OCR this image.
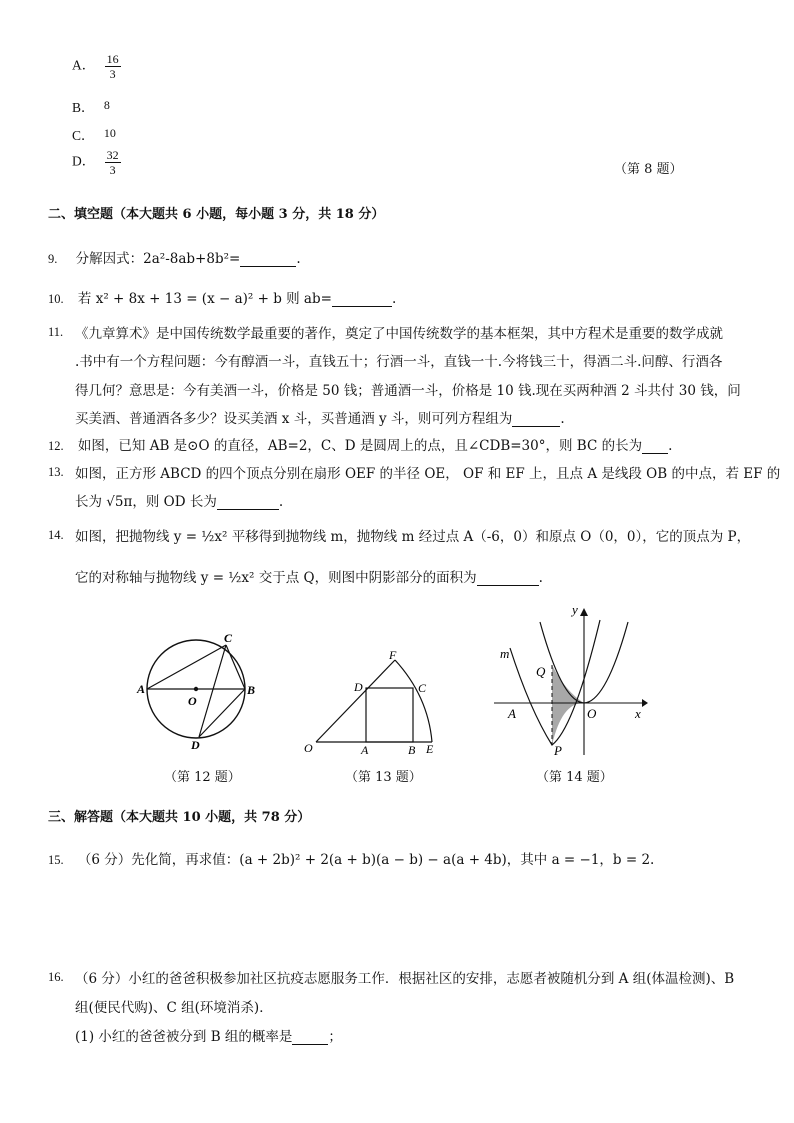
A． $\frac{16}{3}$
B． 8
C． 10
D． $\frac{32}{3}$	（第 8 题）
二、填空题（本大题共 6 小题，每小题 3 分，共 18 分）
9. 分解因式：2a²-8ab+8b²=	.
10. 若 x² + 8x + 13 = (x − a)² + b 则 ab=	.
11. 《九章算术》是中国传统数学最重要的著作，奠定了中国传统数学的基本框架，其中方程术是重要的数学成就
.书中有一个方程问题：今有醇酒一斗，直钱五十；行酒一斗，直钱一十.今将钱三十，得酒二斗.问醇、行酒各
得几何？意思是：今有美酒一斗，价格是 50 钱；普通酒一斗，价格是 10 钱.现在买两种酒 2 斗共付 30 钱，问
买美酒、普通酒各多少？设买美酒 x 斗，买普通酒 y 斗，则可列方程组为	.
12. 如图，已知 AB 是⊙O 的直径，AB=2，C、D 是圆周上的点，且∠CDB=30°，则 BC 的长为 .
13. 如图，正方形 ABCD 的四个顶点分别在扇形 OEF 的半径 OE， OF 和 EF 上，且点 A 是线段 OB 的中点，若 EF 的
长为 √5π，则 OD 长为	.
14. 如图，把抛物线 y = ½x² 平移得到抛物线 m，抛物线 m 经过点 A（-6，0）和原点 O（0，0），它的顶点为 P，
它的对称轴与抛物线 y = ½x² 交于点 Q，则图中阴影部分的面积为	.
A	B
C
D
O
（第 12 题）
O	A	B E
C
D
F
（第 13 题）
m
y
x
Q
A	O
P
（第 14 题）
三、解答题（本大题共 10 小题，共 78 分）
15. （6 分）先化简，再求值：(a + 2b)² + 2(a + b)(a − b) − a(a + 4b)，其中 a = −1，b = 2.
16. （6 分）小红的爸爸积极参加社区抗疫志愿服务工作．根据社区的安排，志愿者被随机分到 A 组(体温检测)、B
组(便民代购)、C 组(环境消杀)．
(1) 小红的爸爸被分到 B 组的概率是	；
